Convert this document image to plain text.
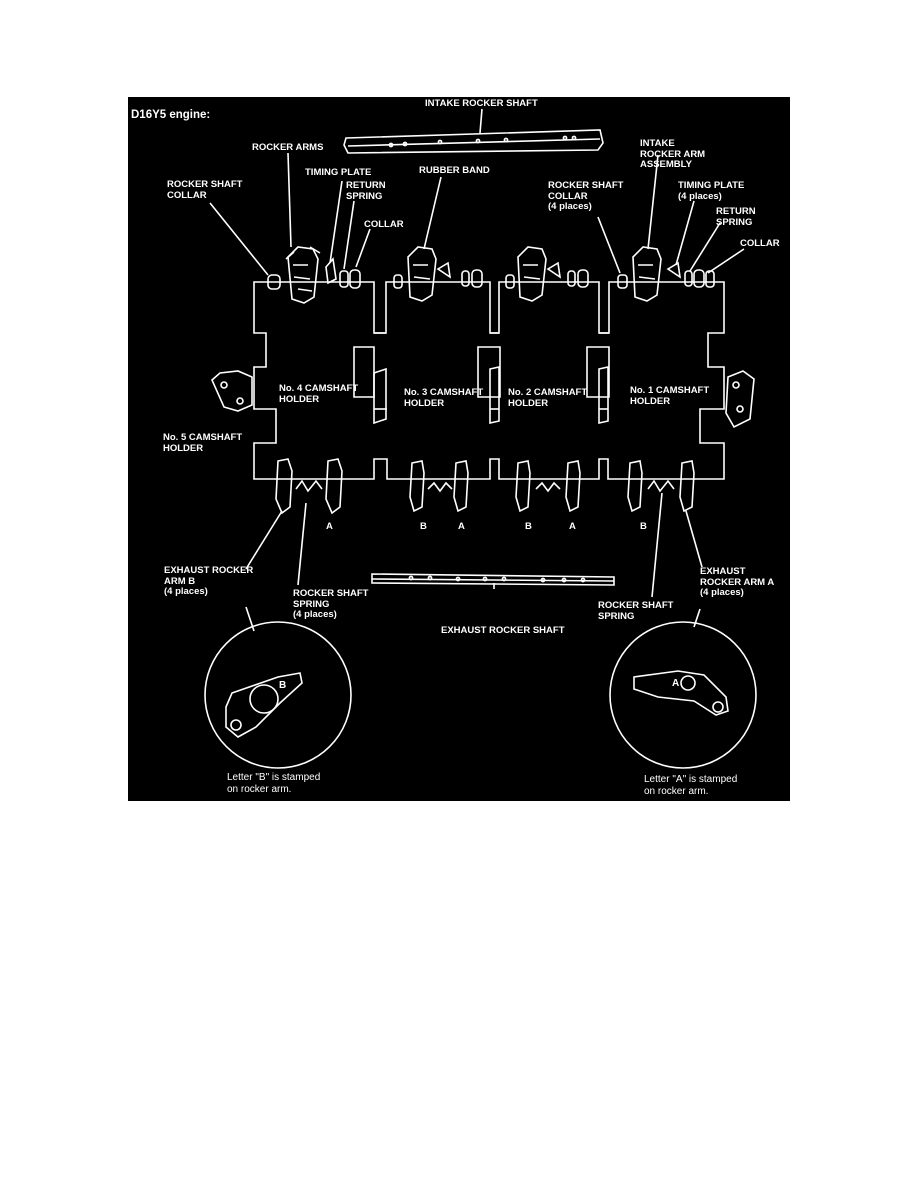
B	A
D16Y5 engine:
INTAKE ROCKER SHAFT
ROCKER ARMS
TIMING PLATE
ROCKER SHAFT
COLLAR
RETURN
SPRING
COLLAR
RUBBER BAND
ROCKER SHAFT
COLLAR
(4 places)
INTAKE
ROCKER ARM
ASSEMBLY
TIMING PLATE
(4 places)
RETURN
SPRING
COLLAR
No. 4 CAMSHAFT
HOLDER
No. 3 CAMSHAFT
HOLDER
No. 2 CAMSHAFT
HOLDER
No. 1 CAMSHAFT
HOLDER
No. 5 CAMSHAFT
HOLDER
A	B	A	B	A	B
EXHAUST ROCKER
ARM B
(4 places)	ROCKER SHAFT
SPRING
(4 places)
EXHAUST ROCKER SHAFT
ROCKER SHAFT
SPRING
EXHAUST
ROCKER ARM A
(4 places)
Letter "B" is stamped
on rocker arm.
Letter "A" is stamped
on rocker arm.
